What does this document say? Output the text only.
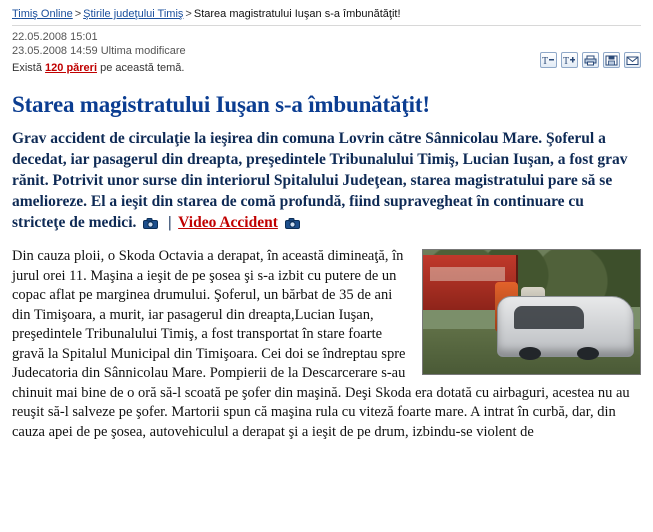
Timiş Online > Ştirile judeţului Timiş > Starea magistratului Iuşan s-a îmbunătăţit!
22.05.2008 15:01
23.05.2008 14:59 Ultima modificare
Există 120 păreri pe această temă.
T T
Starea magistratului Iuşan s-a îmbunătăţit!

Grav accident de circulaţie la ieşirea din comuna Lovrin către Sânnicolau Mare. Şoferul a decedat, iar pasagerul din dreapta, preşedintele Tribunalului Timiş, Lucian Iuşan, a fost grav rănit. Potrivit unor surse din interiorul Spitalului Judeţean, starea magistratului pare să se amelioreze. El a ieşit din starea de comă profundă, fiind supravegheat în continuare cu stricteţe de medici. | Video Accident

Din cauza ploii, o Skoda Octavia a derapat, în această dimineaţă, în jurul orei 11. Maşina a ieşit de pe şosea şi s-a izbit cu putere de un copac aflat pe marginea drumului. Şoferul, un bărbat de 35 de ani din Timişoara, a murit, iar pasagerul din dreapta,Lucian Iuşan, preşedintele Tribunalului Timiş, a fost transportat în stare foarte gravă la Spitalul Municipal din Timişoara. Cei doi se îndreptau spre Judecatoria din Sânnicolau Mare. Pompierii de la Descarcerare s-au chinuit mai bine de o oră să-l scoată pe şofer din maşină. Deşi Skoda era dotată cu airbaguri, acestea nu au reuşit să-l salveze pe şofer. Martorii spun că maşina rula cu viteză foarte mare. A intrat în curbă, dar, din cauza apei de pe şosea, autovehiculul a derapat şi a ieşit de pe drum, izbindu-se violent de
